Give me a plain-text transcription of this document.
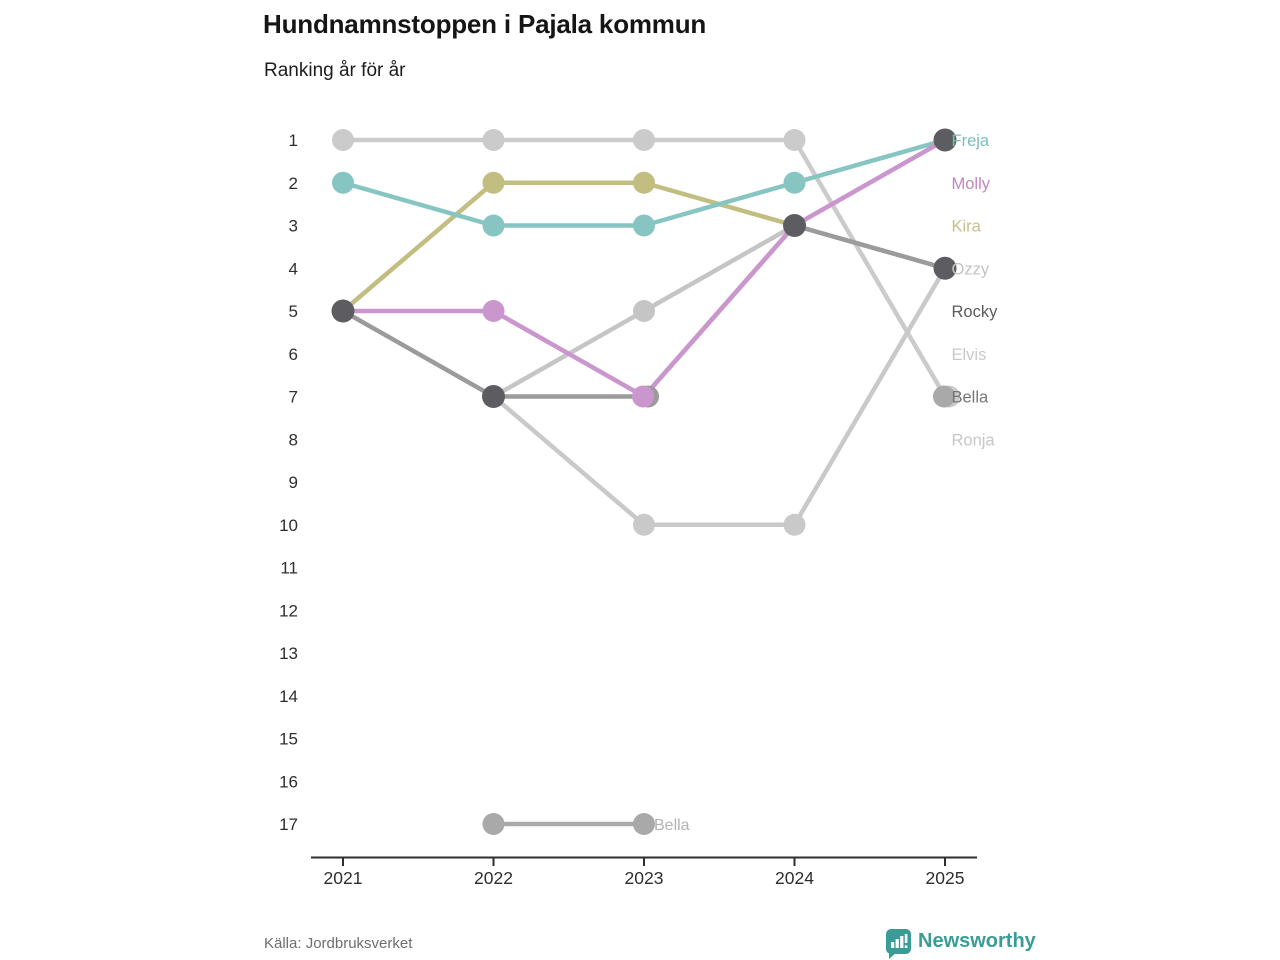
1
2
3
4
5
6
7
8
9
10
11
12
13
14
15
16
17
2021	2022	2023	2024	2025
Ronja
Elvis
Ozzy
Bella
Rocky
Kira
Freja
Molly
Bella
Hundnamnstoppen i Pajala kommun
Ranking år för år
Källa: Jordbruksverket	Newsworthy
